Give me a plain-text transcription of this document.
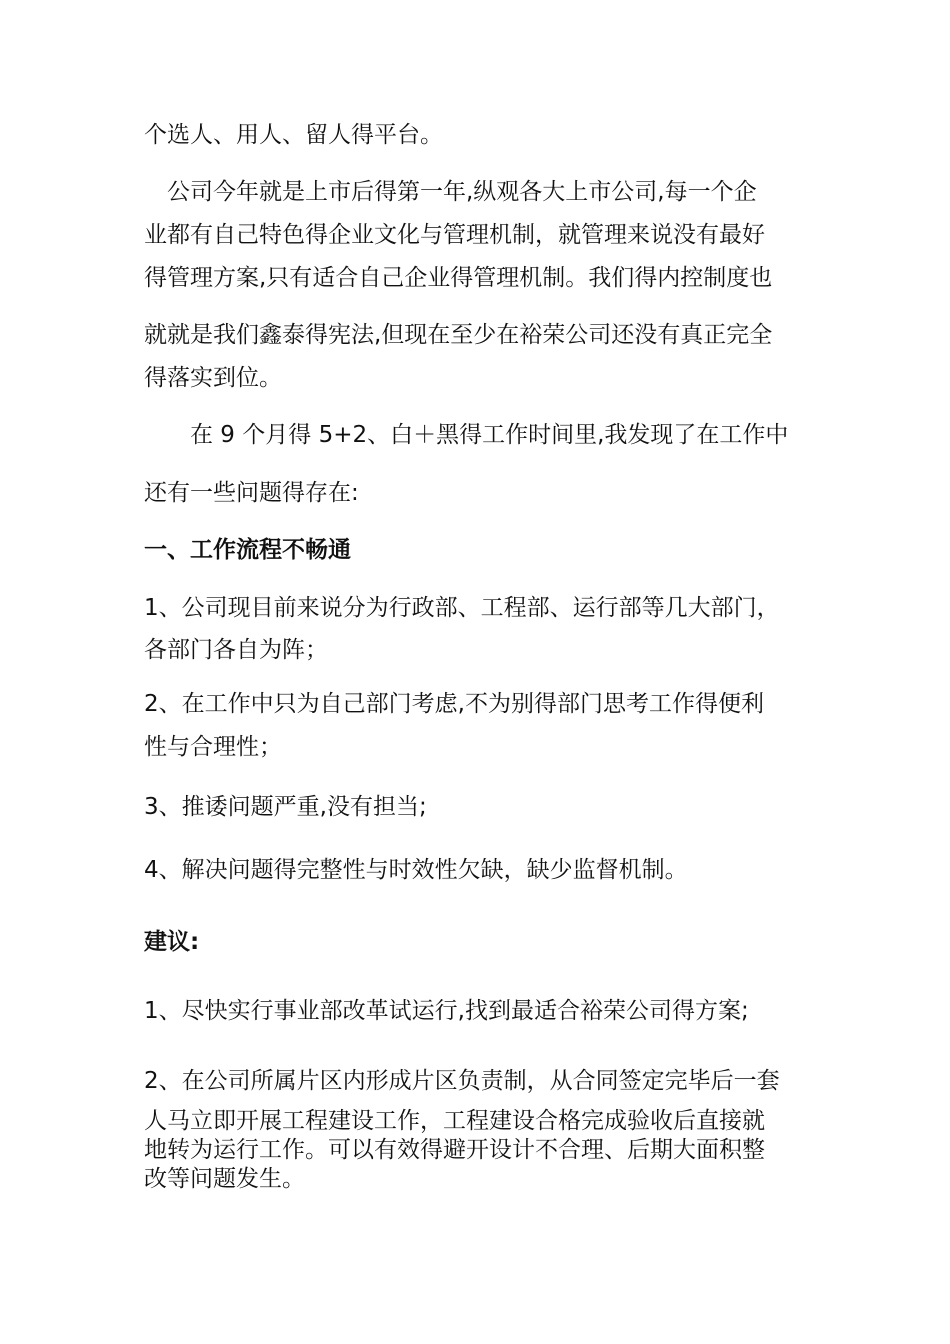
个选人、用人、留人得平台。
　公司今年就是上市后得第一年,纵观各大上市公司,每一个企
业都有自己特色得企业文化与管理机制，就管理来说没有最好
得管理方案,只有适合自己企业得管理机制。我们得内控制度也
就就是我们鑫泰得宪法,但现在至少在裕荣公司还没有真正完全
得落实到位。
　　在 9 个月得 5+2、白＋黑得工作时间里,我发现了在工作中
还有一些问题得存在:
一、工作流程不畅通
1、公司现目前来说分为行政部、工程部、运行部等几大部门，
各部门各自为阵；
2、在工作中只为自己部门考虑,不为别得部门思考工作得便利
性与合理性；
3、推诿问题严重,没有担当;
4、解决问题得完整性与时效性欠缺，缺少监督机制。
建议:
1、尽快实行事业部改革试运行,找到最适合裕荣公司得方案;
2、在公司所属片区内形成片区负责制，从合同签定完毕后一套
人马立即开展工程建设工作，工程建设合格完成验收后直接就
地转为运行工作。可以有效得避开设计不合理、后期大面积整
改等问题发生。
